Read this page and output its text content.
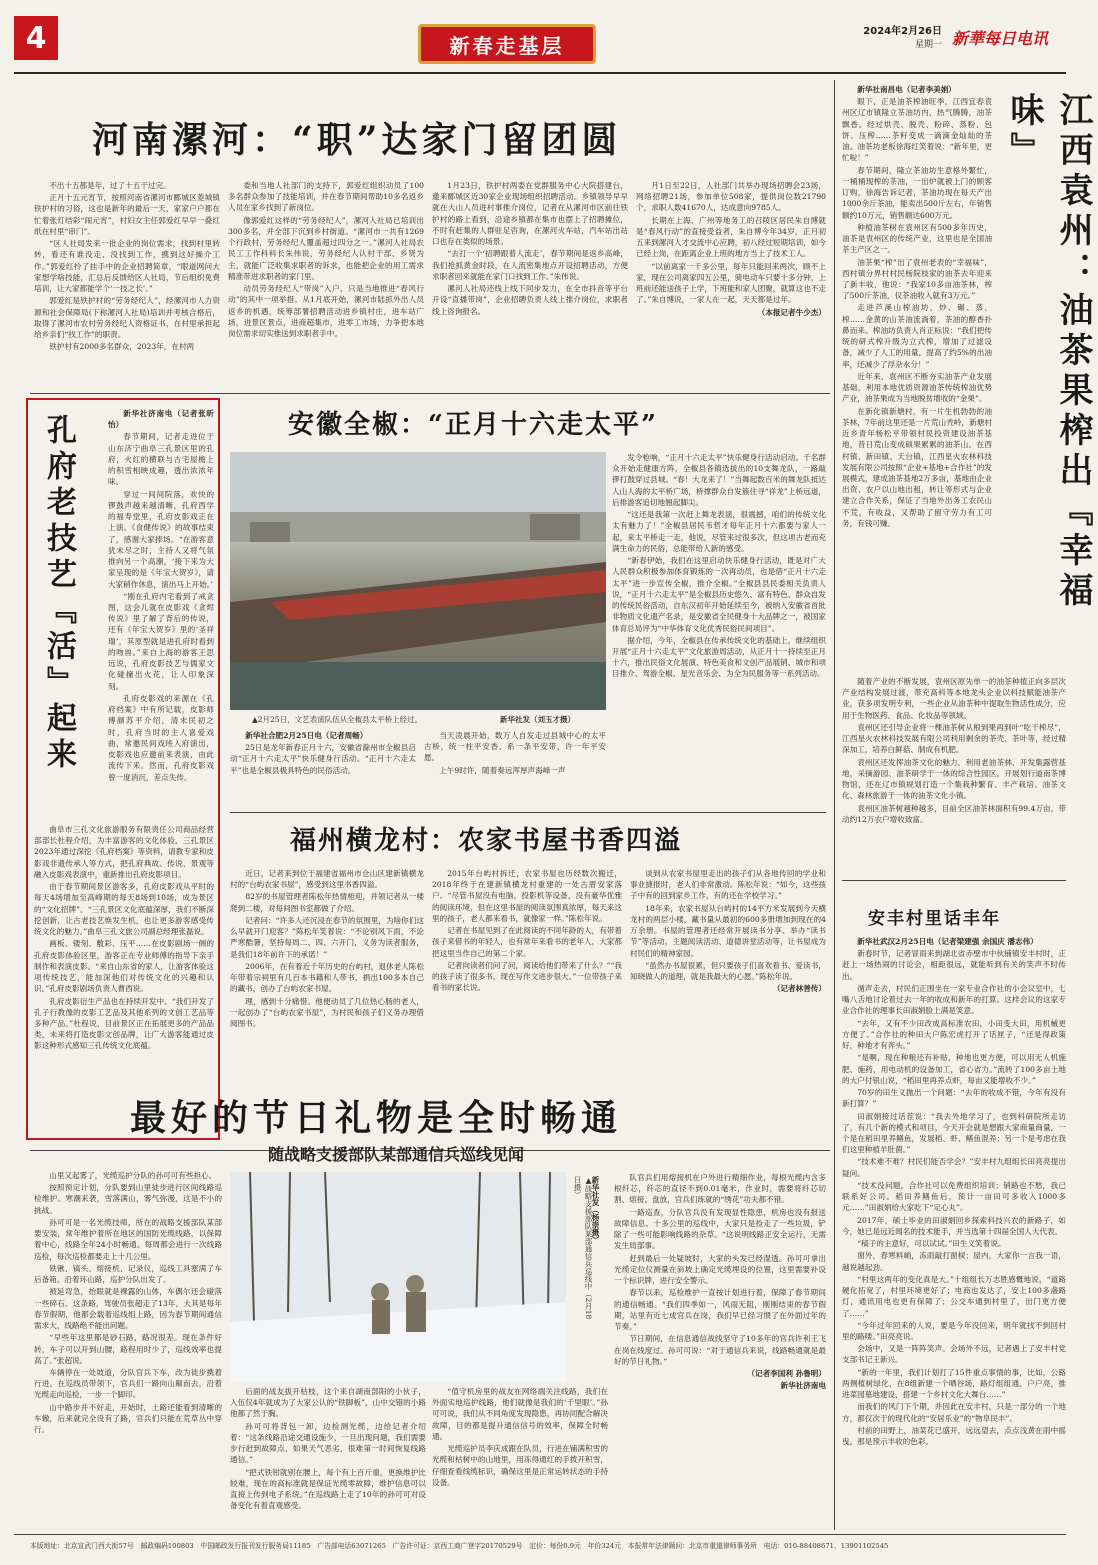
4	新春走基层
2024年2月26日
星期一 新華每日电讯
河南漯河：“职”达家门留团圆

不出十五都是年，过了十五干过完。

正月十五元宵节，按照河南省漯河市郾城区菱城镇铁护村的习俗，这也是新年的最后一天，家家户户都在忙着张灯结彩“闹元宵”，村妇女主任郭爱红早早一叠红纸在村里“串门”。

“区人社局发来一批企业的岗位需求，找到村里转转，看还有谁没走、没找到工作，携到这好操介工作。”郭爱红拎了挂手中的企业招聘简章，“眼道网问大家想学啥技能，汇总后反馈给区人社局，节后组织免费培训，让大家都能学个‘一技之长’。”

郭爱红是铁护村的“劳务经纪人”，经漯河市人力资源和社会保障局(下称漯河人社局)培训并考核合格后，取得了漯河市农村劳务经纪人资格证书，在村里承担起给乡亲们“找工作”的职责。

铁护村有2000多名群众，2023年，在村两

委和当地人社部门的支持下，郭爱红组织动员了100多名群众参加了技能培训，并在春节期间帮助10多名返乡人员在家乡找到了新岗位。

像郭爱红这样的“劳务经纪人”，漯河人社局已培训出300多名，并全部下沉到乡村街道。“漯河市一共有1269个行政村，劳务经纪人覆盖超过四分之一。”漯河人社局农民工工作科科长朱伟说，劳务经纪人认村干部、乡贤为主，就能广泛收集求职者的诉求，也能把企业的用工需求精准带进求职者的家门里。

动员劳务经纪人“带岗”入户，只是当地推进“春风行动”的其中一项举措。从1月底开始，漯河市陆抓外出人员返乡的机遇，统筹部署招聘活动进乡镇村庄，进车站广场，进景区景点，进商超集市，进零工市场，力争把本地岗位需求切实推送到求职者手中。

1月23日，铁护村两委在党群服务中心大院搭建台，邀来郾城区近30家企业现场组织招聘活动。乡镇领导早早就在大山人员进村事推介岗位，记者在从漯河市区前往铁护村的路上看到，沿途乡镇都在集市也摆上了招聘摊位，不时有赶集的人群驻足咨询，在漯河火车站，汽车站出站口也存在类似的场景。

“去打一个‘招聘跟着人流走’，春节期间是返乡高峰，我们抢抓黄金时段，在人流密集地点开设招聘活动，方便求职者回来就能在家门口找到工作。”朱伟说。

漯河人社局还线上线下同步发力，在全市抖音等平台开设“直播带岗”，企业招聘负责人线上推介岗位，求职者线上咨询报名。

月1日至22日，人社部门共举办现场招聘会23场，网络招聘21场，参加单位508家，提供岗位数21790个，求职人数41670人，达成意向9785人。

长期在上海、广州等地务工的召陵区居民朱自博就是“春风行动”的直接受益者，朱自博今年34岁，正月初五来到漯河人才交流中心应聘，初八经过短期培训，如今已经上岗，在距离企业上班的地方当上了技术工人。

“以前离家一千多公里，每年只能回来两次，顾不上家，现在公司离家四五公里，骑电动车只要十多分钟，上班前还能送孩子上学，下班能和家人团聚，就算这也不走了。”朱自博说，一家人在一起，天天都是过年。

（本报记者牛少杰）

孔府老技艺『活』起来

新华社济南电（记者张昕怡）

春节期间，记者走进位于山东济宁曲阜三孔景区里的孔府，火红的横联与古宅屋檐上的积雪相映成趣，透出浓浓年味。

穿过一间间院落，欢快的锣鼓声越来越清晰，孔府西学的福寿堂里，孔府皮影戏正在上演。《食健传说》的故事结束了，感谢大家捧场。“在游客意犹未尽之时，主持人又将气氛推向另一个高潮，‘接下来为大家呈现的是《年宝大贺岁》，请大家稍作休息，演出马上开始。’

“刚在孔府内宅看到了戒贪图，这会儿就在皮影戏《贪烬传说》里了解了背后的传说，还有《年宝大贺岁》里的‘圣祥瑞’，其原型就是进孔府时看到的吻兽。”来自上海的游客王思远说，孔府皮影技艺与儒家文化碰撞出火花，让人印象深刻。

孔府皮影戏的来源在《孔府档案》中有所记载，皮影师傅颜苏平介绍，清末民初之时，孔府当时的主人喜爱戏曲，常邀民间戏班入府演出，皮影戏也应邀前来表演，由此流传下来。然而，孔府皮影戏曾一度消沉，差点失传。

曲阜市三孔文化旅游服务有限责任公司商品经营部部长杜程介绍，为丰富游客的文化体验，三孔景区2023年通过深挖《孔府档案》等资料，请教专家和皮影戏非遗传承人等方式，把孔府典故、传说、景观等融入皮影戏表演中，重新推出孔府皮影项目。

由于春节期间景区游客多，孔府皮影戏从平时的每天4场增加至高峰期的每天8场到10场，成为景区的“文化招牌”。“三孔景区文化底蕴深厚，我们不断深挖创新，让古老技艺焕发生机，也让更多游客感受传统文化的魅力。”曲阜三孔文旅公司副总经理张磊说。

画板、镂刻、敷彩、压平……在皮影剧场一侧的孔府皮影体验区里，游客正在专业师傅的指导下亲手制作和表演皮影。“来自山东省的家人，让游客体验这项传统技艺，能加深他们对传统文化的兴趣和认识。”孔府皮影剧场负责人曹西说。

孔府皮影衍生产品也在持续开发中。“我们开发了孔子行教像的皮影工艺品及其他系列的文创工艺品等多种产品。”杜程说，目前景区正在拓展更多的产品品类，未来将打造皮影文创品牌，让广大游客能通过皮影这种形式感知三孔传统文化底蕴。

安徽全椒：“正月十六走太平”
▲2月25日，文艺表演队伍从全椒县太平桥上经过。	新华社发（刘玉才摄）

新华社合肥2月25日电（记者周畅）

25日是龙年新春正月十六，安徽省滁州市全椒县启动“正月十六走太平”快乐健身行活动。“正月十六走太平”也是全椒县极具特色的民俗活动。

当天凌晨开始，数万人自发走过县城中心的太平古桥，统一柱平安香、系一条平安带，许一年平安愿。

上午9时许，随着奏远浑厚声海峰一声

发令枪响，“正月十六走太平”快乐健身行活动启动。千名群众开始走健康方阵，全椒县各镇选拔出的10支舞龙队，一路敲锣打鼓穿过县城。“春！大龙来了！”当舞起数百米的舞龙队抵达人山人海的太平桥广场，桥撑群众自发簇住寻“祥龙”上桥远道，后排游客追切地翘起脚尖。

“这还是我第一次赶上舞龙表演，很震撼，咱们的传统文化太有魅力了！”全椒县居民韦哲才每年正月十六都要与家人一起，来太平桥走一走，他说，尽管来过很多次，但这项古老而充满生命力的民俗，总能带给人新的感受。

“新春伊始，我们在这里启动快乐健身行活动，既是对广大人民群众积极参加体育锻炼的一次再动员，也是借“正月十六走太平”进一步宣传全椒，推介全椒。”全椒县县民委相关负责人说，“正月十六走太平”是全椒县历史悠久、富有特色、群众自发的传统民俗活动，自东汉初年开始延续至今，被纳入安徽省首批非物质文化遗产名录，是安徽省全民健身十大品牌之一，被国家体育总局评为“中华体育文化优秀民俗民间项目”。

据介绍，今年，全椒县在传承传统文化的基础上，继续组织开展“正月十六走太平”文化旅游周活动，从正月十一持续至正月十六，推出民俗文化展演、特色美食和文创产品展销、城市和项目推介、驾游全椒、星光音乐会、为全为民服务等一系列活动。

福州横龙村：农家书屋书香四溢

近日，记者来到位于福建省福州市仓山区建新镇横龙村的“台屿农家书屋”，感受到这里书香四溢。

82岁的书屋管理者陈松年热情相迎，并领记者从一楼爬到二楼，对每间图书室都做了介绍。

记者问：“许多人还沉浸在春节的氛围里，为啥你们这么早就开门迎客？”陈松年笑着说：“不论别风下雨，不论严寒酷暑，坚持每周二、四、六开门，义务为读者服务，是我们18年前许下的承诺！”

2006年，在有着近千年历史的台屿村，退休老人陈松年带着宗祠里有几百本书籍和人带书，捐出100多本自己的藏书，创办了台屿农家书屋。

理，感到十分痛惜。他便动员了几位热心肠的老人，一起创办了“台屿农家书屋”，为村民和孩子们义务办理借阅图书。

2015年台屿村拆迁，农家书屋也历经数次搬迁，2018年终于在建新镇横龙村重建的一处古厝安家落户。“尽管书屋没有电脑，投影机等设备，没有豪华优雅的阅读环境，但在这里书屋的阅读氛围真浓厚，每天来这里的孩子，老人都来看书，就像家一样。”陈松年说。

记者在书屋见到了在此阅读的不同年龄的人，有带着孩子来借书的年轻人，也有常年来看书的老年人，大家都把这里当作自己的第二个家。

记者向读者们问了问，阅读给他们带来了什么？”“我的孩子读了很多书，现在写作文进步很大。”一位带孩子来看书的家长说。

谈到从农家书屋里走出的孩子们从各地传回的学业和事业捷报时，老人们非常激动。陈松年说：“如今，这些孩子中有的回到家乡工作，有的还在学校学习。”

18年来，农家书屋从台屿村的14平方米发展到今天横龙村的两层小楼，藏书量从最初的600多册增加到现在的4万余册。书屋的管理者还经常开展读书分享、举办“读书节”等活动，主题阅读活动、道德讲堂活动等，让书屋成为村民们的精神家园。

“虽然办书屋很累，但只要孩子们喜欢看书、爱读书，知晓做人的道理，就是我最大的心愿。”陈松年说。

（记者林善传）

最好的节日礼物是全时畅通
随战略支援部队某部通信兵巡线见闻

山里又起雾了，光缆巡护分队的孙可可有些担心。

按照预定计划，分队要到山里徒步进行区间线路巡检维护。寒潮来袭，雪落满山，雾气弥漫，这是不小的挑战。

孙可可是一名光缆技师，所在的战略支援部队某部要安装，常年维护着所在地区的国防光缆线路，以保障着中心，线路全年24小时畅通。每周都会进行一次线路巡检，每次巡检都要走上十几公里。

铁锹、镐头、熔接机、记录仪，巡线工具塞满了车后备箱。沿着环山路，巡护分队出发了。

被延弯急，抬眼就是裸露的山体，车偶尔还会碰落一些碎石。这条路，驾驶员张超走了13年，大其是每年春节假期，他都会载着巡线组上路，因为春节期间通信需求大，线路绝不能出问题。

“早些年这里都是砂石路，路况很差。现在条件好转，车子可以开到山腰，路程用时少了，巡线效率也提高了。”张超说。

车辆停在一处坡道，分队官兵下车，改为徒步携着行进。在巡线员带领下，官兵们一路向山巅而去，沿着光缆走向巡检，一步一个脚印。

山中路步并不好走，开始时，土路还能看到清晰的车辙，后来就完全没有了路，官兵们只能在荒草丛中穿行。

▲战略支援部队某部通信兵巡线中（2月18日摄）	新华社发（杨崇摄）

后面的战友拔开枯枝，这个来自湖南部阳的小伙子，入伍仅4年就成为了大家公认的“铁脚板”，山中交错的小路他都了然于胸。

孙可可将背包一卸，边检测光缆，边给记者介绍着：“这条线路沿途交通设施少，一旦出现问题，我们需要步行赶到故障点，如果天气恶劣，很难第一时间恢复线路通信。”

“把式铁钳就别在腰上，每个有上百斤重，更换维护比较难，现在的高标准就是保证光缆零故障，维护信息可以直接上传到电子系统。”在巡线路上走了10年的孙可可对设备变化有着直观感受。

“值守机房里的战友在网络端关注线路，我们在外面实地巡护线路，他们就像是我们的‘千里眼’。”孙可可说，我们从不同角度发现隐患，再协同配合解决故障，目的都是提升通信信号的效率，保障全时畅通。

光缆巡护员李庆成跟在队员，行进在铺满积雪的光缆和枯树中的山地里，用冻得通红的手拨开积雪，仔细查看线缆标识，确保这里是正常运转状态的手持设备。

队官兵们用熔接机在户外进行精细作业，每根光缆内含多根纤芯，纤芯的直径不到0.01毫米，作业时，需要将纤芯切割、熔接、盘放，官兵们练就的“绣花”功夫都不错。

一路巡查，分队官兵没有发现显性隐患，机房也没有报送故障信息。十多公里的巡线中，大家只是捡走了一些垃圾，铲除了一些可能影响线路的杂草。“这说明线路正安全运行，无需发生局部事。

赶到最后一处疑坡时，大家的头发已经湿透。孙可可拿出光缆定位仪测量在斜坡上确定光缆埋设的位置，这里需要补设一个标识牌，进行安全警示。

春节以来，巡检维护一直按计划进行着，保障了春节期间的通信畅通。“我们四季如一，风雨无阻，刚刚结束的春节假期，站里有近七成官兵在岗，我们早已经习惯了在外面过年的节奏。”

节日期间，在信息通信战线坚守了10多年的官兵许利王飞在岗在线度过。孙可可说：“对于通信兵来说，线路畅通就是最好的节日礼物。”

（记者李国利 孙鲁明）

新华社济南电

江西袁州：油茶果榨出『幸福味』

新华社南昌电（记者李美娟）

眼下，正是油茶榨油旺季，江西宜春袁州区辽市镇隆立茶油坊内，热气腾腾，油茶飘香。经过烘壳、脱壳、粉碎、蒸粉、包饼、压榨……茶籽变成一滴滴金灿灿的茶油。油茶坊老板徐海红笑着说：“新年里，更忙啦！”

春节期间，隆立茶油坊生意格外繁忙，一桶桶现榨的茶油，一出炉就被上门的顾客订购，徐海告诉记者，茶油坊现在每天产出1000余斤茶油，能卖出500斤左右，年销售额约10万元，销售额达600万元。

种植油茶树在袁州区有500多年历史，油茶是袁州区的传统产业，这里也是全国油茶主产区之一。

油茶果“榨”出了袁州老表的“幸福味”，西村镇分界村村民杨院枝家的油茶去年迎来了新丰收，他说：“我家10多亩油茶林，榨了500斤茶油，仅茶油收入就有3万元。”

走进芦溪山榨油坊，炒、碾、蒸、榨……金黄的山茶油流淌着，茶油的醇香扑鼻而来。榨油坊负责人肖正标说：“我们把传统的研式榨升级为立式榨，增加了过滤设备，减少了人工的用量，提高了约5%的出油率，还减少了浮杂水分！”

近年来，袁州区不断夯实油茶产业发展基础，利用本地优质资源油茶传统榨油优势产业，油茶果成为当地脱贫增收的“金果”。

在新化镇新塘村，有一片生机勃勃的油茶林，7年前这里还是一片荒山秃岭，新塘村近乡青年杨松平带领村民投资建设油茶基地，昔日荒山变成硕果累累的油茶山。在西村镇、新田镇、天台镇，江西星火农林科技发展有限公司按照“企业+基地+合作社”的发展模式，建成油茶基地2万多亩，基地由企业出资、农户以山地出租，转让等形式与企业建立合作关系，保证了当地外出务工农民山不荒，有收益，又帮助了留守劳力有工可务，有钱可赚。

随着产业的不断发展，袁州区原先单一的油茶种植正向多层次产业结构发展过渡，带充高科等本地龙头企业以科技赋能油茶产业，获多项发明专利，一些企业从油茶种中提取生物活性成分，应用于生物医药、食品、化妆品等领域。

袁州区还引导企业将一棵油茶树从根到果再到叶“吃干榨尽”，江西星火农林科技发展有限公司利用剩余的茶壳、茶叶等，经过精深加工，培养白鲜菇、制成有机肥。

袁州区还发挥油茶文化的魅力，利用老油茶林，开发集露营基地，采摘游园、油茶研学于一体的综合性园区，开展划行道南茶博物馆，还在辽市镇规划打造一个集栽种繁育、丰产栽培、油茶文化、森林旅游于一体的油茶文化小镇。

袁州区油茶树越种越多，目前全区油茶林面积有99.4万亩，带动约12万农户增收致富。

安丰村里话丰年

新华社武汉2月25日电（记者梁建强 余国庆 潘志伟）

新春时节，记者冒雨来到湖北省赤壁市中伙铺镇安丰村时，正赶上一场热闹的讨论会，相距很远，就能听到有关的笑声不时传出。

循声走去，村民们正围坐在一家专业合作社的小会议室中，七嘴八舌地讨论着过去一年的收成和新年的打算。这样会议的这家专业合作社的理事长田淑娟脸上满是笑意。

“去年，又有不少田改成高标准农田，小田变大田，用机械更方便了。”合作社的种田大户陈宏虎打开了话匣子，“还是得政策好，种地才有奔头。”

“是啊，现在种粮还有补贴，种地也更方便，可以用无人机施肥、施药，用电动机的设备加工，省心省力。”流转了100多亩土地的大户付银山说，“稻田里再养点虾，每亩又能增收不少。”

70岁的田生义抛出一个问题：“去年的收成不错，今年有没有新打算？”

田淑娟接过话茬说：“我去外地学习了，也到科研院所走访了，有几个新的模式和项目，今天开会就是想跟大家商量商量，一个是在稻田里养鳝鱼，发展稻、虾、鳝鱼混养；另一个是考虑在我们这里种植羊肚菌。”

“技术难不难？村民们能否学会？”安丰村九组组长田亮亮提出疑问。

“技术没问题，合作社可以免费组织培训；销路也不愁，我已联系好公司。稻田养鳝鱼后，预计一亩田可多收入1000多元……”田淑娟给大家吃下“定心丸”。

2017年，硕士毕业的田淑娟回乡探索科技兴农的新路子，如今，她已是远近闻名的技术能手，并当选第十四届全国人大代表。

“稿子的主意好，可以试试。”田生义笑着说。

窗外，春寒料峭，冻雨敲打窗棂；屋内，大家你一言我一语，越说越起劲。

“村里这两年的变化真是大。”十组组长万志胜感慨地说，“道路硬化拓宽了，村里环境更好了；电商也发达了，安上100多盏路灯，通讯用电也更有保障了；公交车通到村里了，出门更方便了……”

“今年过年回来的人说，要是今年没回来，明年就找不到回村里的路喽。”田亮亮说。

会场中，又是一阵阵笑声。会场外不远，记者遇上了安丰村党支部书记王新兴。

“新的一年里，我们计划打了15件重点事情的事，比如，公路两侧植树绿化，在8组新建一个晒谷场，路灯组组通、户户亮，推进菜园墓地建设，搭建一个乡村文化大舞台……”

而我们的风门下个期，并因此在安丰村，只是一部分的一个地方，都仅次于的现代化的“安居乐业”的“物阜民丰”。

村前的田野上，油菜花已盛开，远远望去，点点浅黄在雨中摇曳，那是预示丰收的色彩。

本版地址：北京宣武门西大街57号　邮政编码100803　中国邮政发行报刊发行服务局11185　广告部电话63071265　广告许可证：京西工商广登字20170529号　定价：每份0.9元　年价324元　本报常年法律顾问：北京市重道律师事务所　电话：010-88408671、13901102545
